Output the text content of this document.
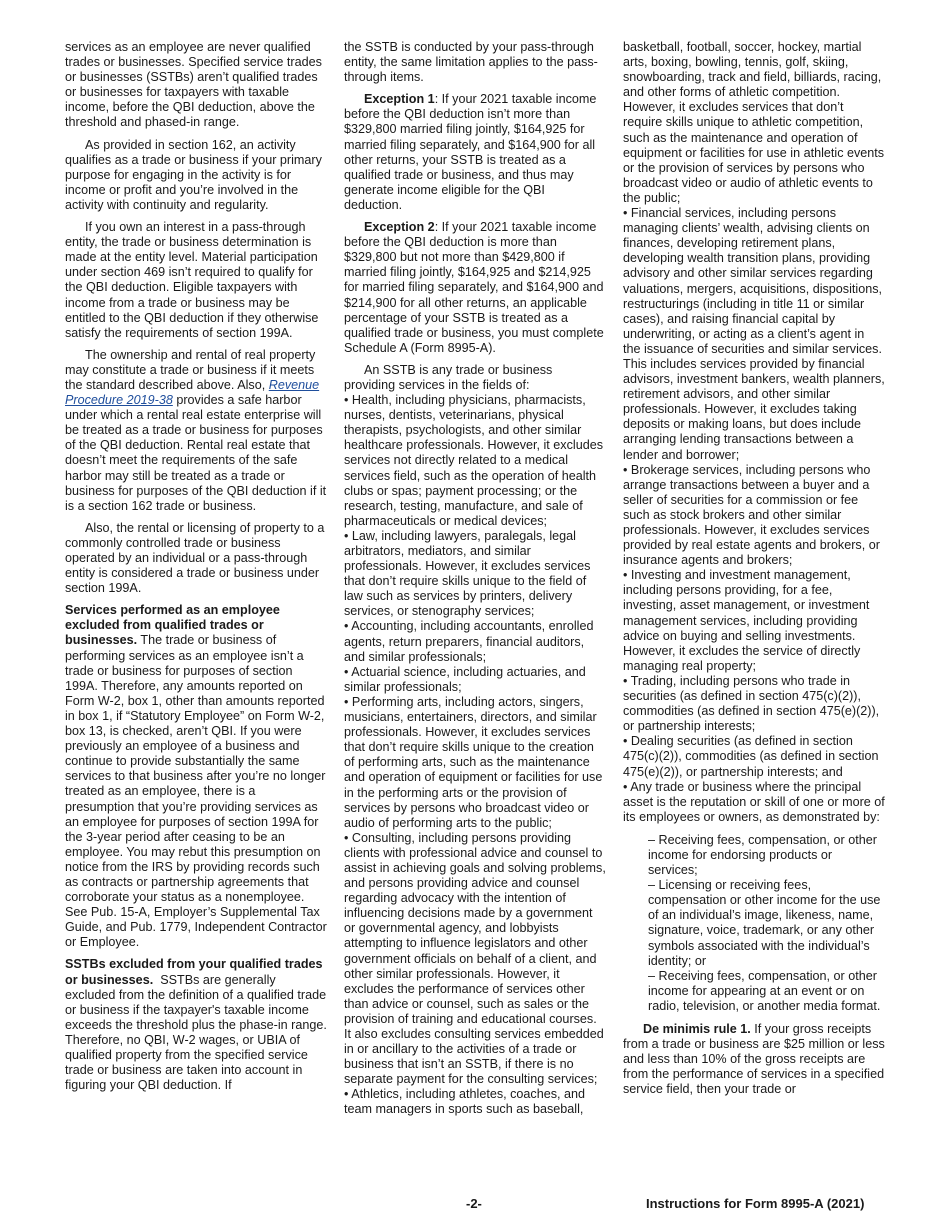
services as an employee are never qualified trades or businesses. Specified service trades or businesses (SSTBs) aren’t qualified trades or businesses for taxpayers with taxable income, before the QBI deduction, above the threshold and phased-in range.

As provided in section 162, an activity qualifies as a trade or business if your primary purpose for engaging in the activity is for income or profit and you’re involved in the activity with continuity and regularity.

If you own an interest in a pass-through entity, the trade or business determination is made at the entity level. Material participation under section 469 isn’t required to qualify for the QBI deduction. Eligible taxpayers with income from a trade or business may be entitled to the QBI deduction if they otherwise satisfy the requirements of section 199A.

The ownership and rental of real property may constitute a trade or business if it meets the standard described above. Also, Revenue Procedure 2019-38 provides a safe harbor under which a rental real estate enterprise will be treated as a trade or business for purposes of the QBI deduction. Rental real estate that doesn’t meet the requirements of the safe harbor may still be treated as a trade or business for purposes of the QBI deduction if it is a section 162 trade or business.

Also, the rental or licensing of property to a commonly controlled trade or business operated by an individual or a pass-through entity is considered a trade or business under section 199A.

Services performed as an employee excluded from qualified trades or businesses. The trade or business of performing services as an employee isn’t a trade or business for purposes of section 199A. Therefore, any amounts reported on Form W-2, box 1, other than amounts reported in box 1, if “Statutory Employee” on Form W-2, box 13, is checked, aren’t QBI. If you were previously an employee of a business and continue to provide substantially the same services to that business after you’re no longer treated as an employee, there is a presumption that you’re providing services as an employee for purposes of section 199A for the 3-year period after ceasing to be an employee. You may rebut this presumption on notice from the IRS by providing records such as contracts or partnership agreements that corroborate your status as a nonemployee. See Pub. 15-A, Employer’s Supplemental Tax Guide, and Pub. 1779, Independent Contractor or Employee.

SSTBs excluded from your qualified trades or businesses. SSTBs are generally excluded from the definition of a qualified trade or business if the taxpayer's taxable income exceeds the threshold plus the phase-in range. Therefore, no QBI, W-2 wages, or UBIA of qualified property from the specified service trade or business are taken into account in figuring your QBI deduction. If

the SSTB is conducted by your pass-through entity, the same limitation applies to the pass-through items.

Exception 1: If your 2021 taxable income before the QBI deduction isn’t more than $329,800 married filing jointly, $164,925 for married filing separately, and $164,900 for all other returns, your SSTB is treated as a qualified trade or business, and thus may generate income eligible for the QBI deduction.

Exception 2: If your 2021 taxable income before the QBI deduction is more than $329,800 but not more than $429,800 if married filing jointly, $164,925 and $214,925 for married filing separately, and $164,900 and $214,900 for all other returns, an applicable percentage of your SSTB is treated as a qualified trade or business, you must complete Schedule A (Form 8995-A).

An SSTB is any trade or business providing services in the fields of:

• Health, including physicians, pharmacists, nurses, dentists, veterinarians, physical therapists, psychologists, and other similar healthcare professionals. However, it excludes services not directly related to a medical services field, such as the operation of health clubs or spas; payment processing; or the research, testing, manufacture, and sale of pharmaceuticals or medical devices;
• Law, including lawyers, paralegals, legal arbitrators, mediators, and similar professionals. However, it excludes services that don’t require skills unique to the field of law such as services by printers, delivery services, or stenography services;
• Accounting, including accountants, enrolled agents, return preparers, financial auditors, and similar professionals;
• Actuarial science, including actuaries, and similar professionals;
• Performing arts, including actors, singers, musicians, entertainers, directors, and similar professionals. However, it excludes services that don’t require skills unique to the creation of performing arts, such as the maintenance and operation of equipment or facilities for use in the performing arts or the provision of services by persons who broadcast video or audio of performing arts to the public;
• Consulting, including persons providing clients with professional advice and counsel to assist in achieving goals and solving problems, and persons providing advice and counsel regarding advocacy with the intention of influencing decisions made by a government or governmental agency, and lobbyists attempting to influence legislators and other government officials on behalf of a client, and other similar professionals. However, it excludes the performance of services other than advice or counsel, such as sales or the provision of training and educational courses. It also excludes consulting services embedded in or ancillary to the activities of a trade or business that isn’t an SSTB, if there is no separate payment for the consulting services;
• Athletics, including athletes, coaches, and team managers in sports such as baseball,

basketball, football, soccer, hockey, martial arts, boxing, bowling, tennis, golf, skiing, snowboarding, track and field, billiards, racing, and other forms of athletic competition. However, it excludes services that don’t require skills unique to athletic competition, such as the maintenance and operation of equipment or facilities for use in athletic events or the provision of services by persons who broadcast video or audio of athletic events to the public;

• Financial services, including persons managing clients’ wealth, advising clients on finances, developing retirement plans, developing wealth transition plans, providing advisory and other similar services regarding valuations, mergers, acquisitions, dispositions, restructurings (including in title 11 or similar cases), and raising financial capital by underwriting, or acting as a client’s agent in the issuance of securities and similar services. This includes services provided by financial advisors, investment bankers, wealth planners, retirement advisors, and other similar professionals. However, it excludes taking deposits or making loans, but does include arranging lending transactions between a lender and borrower;
• Brokerage services, including persons who arrange transactions between a buyer and a seller of securities for a commission or fee such as stock brokers and other similar professionals. However, it excludes services provided by real estate agents and brokers, or insurance agents and brokers;
• Investing and investment management, including persons providing, for a fee, investing, asset management, or investment management services, including providing advice on buying and selling investments. However, it excludes the service of directly managing real property;
• Trading, including persons who trade in securities (as defined in section 475(c)(2)), commodities (as defined in section 475(e)(2)), or partnership interests;
• Dealing securities (as defined in section 475(c)(2)), commodities (as defined in section 475(e)(2)), or partnership interests; and
• Any trade or business where the principal asset is the reputation or skill of one or more of its employees or owners, as demonstrated by:
– Receiving fees, compensation, or other income for endorsing products or services;
– Licensing or receiving fees, compensation or other income for the use of an individual’s image, likeness, name, signature, voice, trademark, or any other symbols associated with the individual’s identity; or
– Receiving fees, compensation, or other income for appearing at an event or on radio, television, or another media format.

De minimis rule 1. If your gross receipts from a trade or business are $25 million or less and less than 10% of the gross receipts are from the performance of services in a specified service field, then your trade or

-2-	Instructions for Form 8995-A (2021)
